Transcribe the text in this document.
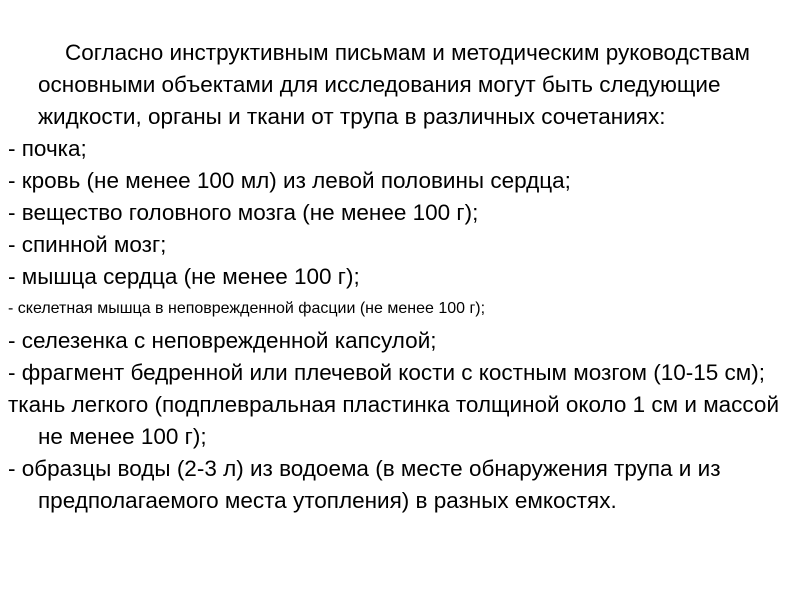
Согласно инструктивным письмам и методическим руководствам основными объектами для исследования могут быть следующие жидкости, органы и ткани от трупа в различных сочетаниях:

- почка;

- кровь (не менее 100 мл) из левой половины сердца;

- вещество головного мозга (не менее 100 г);

- спинной мозг;

- мышца сердца (не менее 100 г);

- скелетная мышца в неповрежденной фасции (не менее 100 г);

- селезенка с неповрежденной капсулой;

- фрагмент бедренной или плечевой кости с костным мозгом (10-15 см);

ткань легкого (подплевральная пластинка толщиной около 1 см и массой не менее 100 г);

- образцы воды (2-3 л) из водоема (в месте обнаружения трупа и из предполагаемого места утопления) в разных емкостях.
